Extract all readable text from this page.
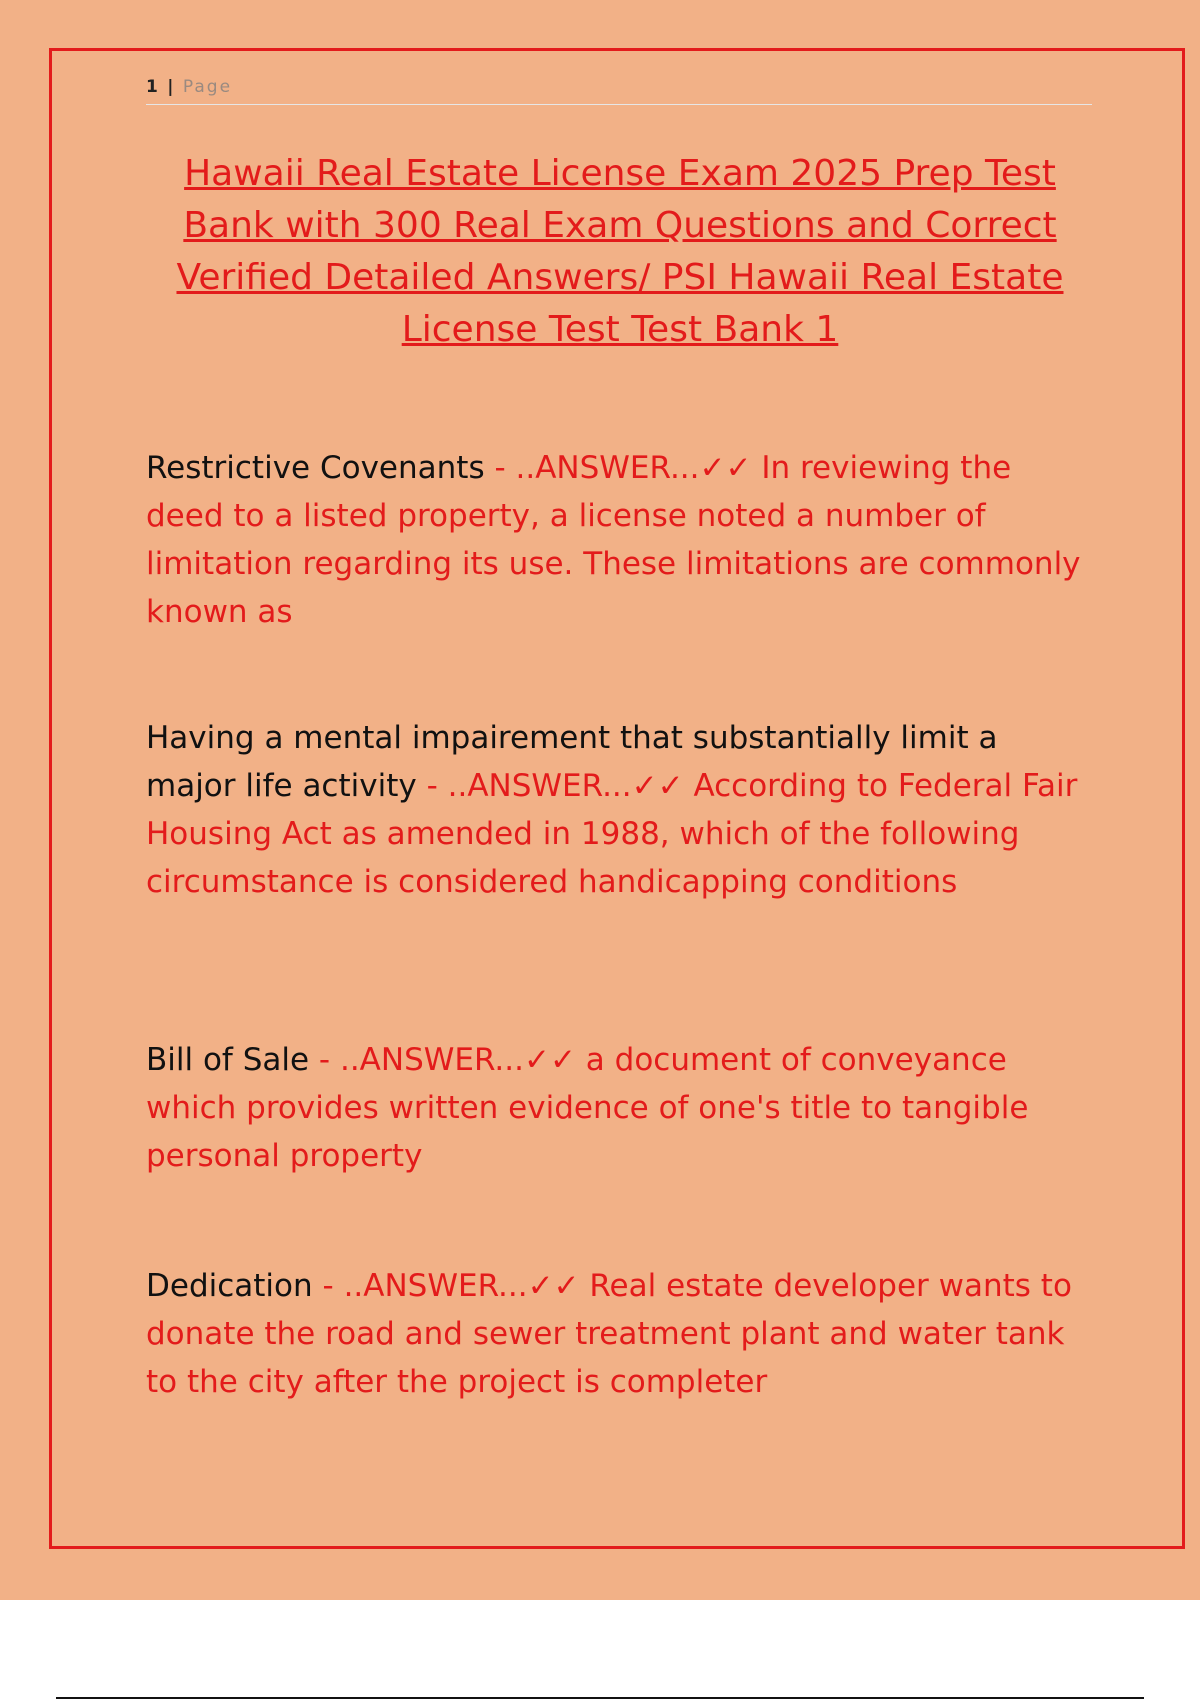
1 | Page
Hawaii Real Estate License Exam 2025 Prep Test Bank with 300 Real Exam Questions and Correct Verified Detailed Answers/ PSI Hawaii Real Estate License Test Test Bank 1

Restrictive Covenants - ..ANSWER...✓✓ In reviewing the deed to a listed property, a license noted a number of limitation regarding its use. These limitations are commonly known as

Having a mental impairement that substantially limit a major life activity - ..ANSWER...✓✓ According to Federal Fair Housing Act as amended in 1988, which of the following circumstance is considered handicapping conditions

Bill of Sale - ..ANSWER...✓✓ a document of conveyance which provides written evidence of one's title to tangible personal property

Dedication - ..ANSWER...✓✓ Real estate developer wants to donate the road and sewer treatment plant and water tank to the city after the project is completer
